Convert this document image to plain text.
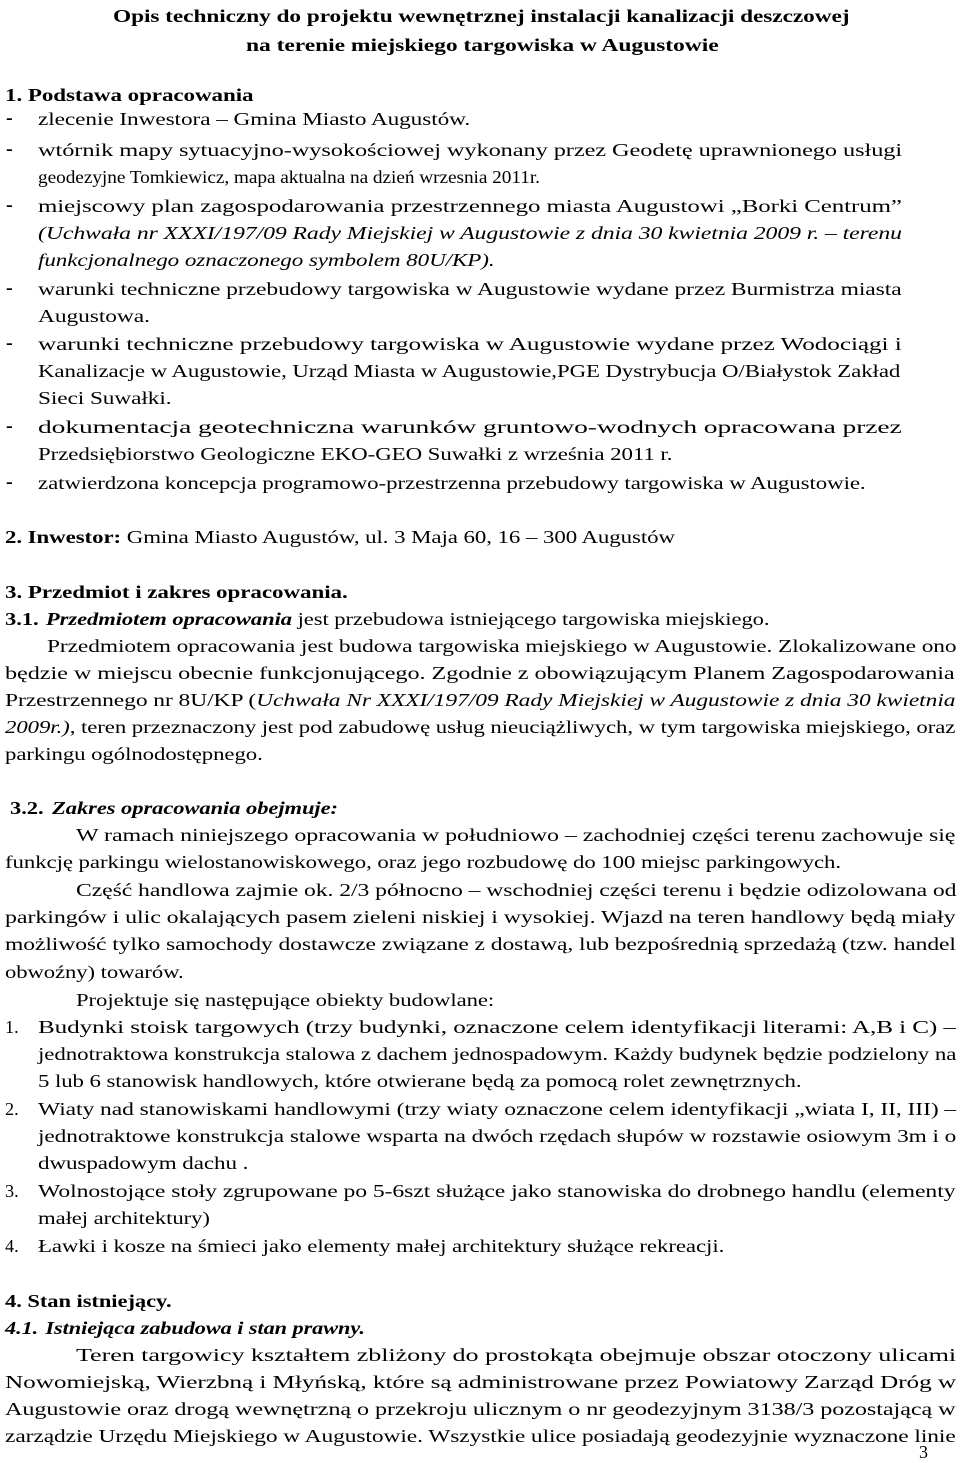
Opis techniczny do projektu wewnętrznej instalacji kanalizacji deszczowej
na terenie miejskiego targowiska w Augustowie
1. Podstawa opracowania
- zlecenie Inwestora – Gmina Miasto Augustów.
- wtórnik mapy sytuacyjno-wysokościowej wykonany przez Geodetę uprawnionego usługi
geodezyjne Tomkiewicz, mapa aktualna na dzień wrzesnia 2011r.
- miejscowy plan zagospodarowania przestrzennego miasta Augustowi „Borki Centrum”
(Uchwała nr XXXI/197/09 Rady Miejskiej w Augustowie z dnia 30 kwietnia 2009 r. – terenu
funkcjonalnego oznaczonego symbolem 80U/KP).
- warunki techniczne przebudowy targowiska w Augustowie wydane przez Burmistrza miasta
Augustowa.
- warunki techniczne przebudowy targowiska w Augustowie wydane przez Wodociągi i
Kanalizacje w Augustowie, Urząd Miasta w Augustowie,PGE Dystrybucja O/Białystok Zakład
Sieci Suwałki.
- dokumentacja geotechniczna warunków gruntowo-wodnych opracowana przez
Przedsiębiorstwo Geologiczne EKO-GEO Suwałki z września 2011 r.
- zatwierdzona koncepcja programowo-przestrzenna przebudowy targowiska w Augustowie.
2. Inwestor: Gmina Miasto Augustów, ul. 3 Maja 60, 16 – 300 Augustów
3. Przedmiot i zakres opracowania.
3.1. Przedmiotem opracowania jest przebudowa istniejącego targowiska miejskiego.
Przedmiotem opracowania jest budowa targowiska miejskiego w Augustowie. Zlokalizowane ono
będzie w miejscu obecnie funkcjonującego. Zgodnie z obowiązującym Planem Zagospodarowania
Przestrzennego nr 8U/KP (Uchwała Nr XXXI/197/09 Rady Miejskiej w Augustowie z dnia 30 kwietnia
2009r.), teren przeznaczony jest pod zabudowę usług nieuciążliwych, w tym targowiska miejskiego, oraz
parkingu ogólnodostępnego.
3.2. Zakres opracowania obejmuje:
W ramach niniejszego opracowania w południowo – zachodniej części terenu zachowuje się
funkcję parkingu wielostanowiskowego, oraz jego rozbudowę do 100 miejsc parkingowych.
Część handlowa zajmie ok. 2/3 północno – wschodniej części terenu i będzie odizolowana od
parkingów i ulic okalających pasem zieleni niskiej i wysokiej. Wjazd na teren handlowy będą miały
możliwość tylko samochody dostawcze związane z dostawą, lub bezpośrednią sprzedażą (tzw. handel
obwoźny) towarów.
Projektuje się następujące obiekty budowlane:
1. Budynki stoisk targowych (trzy budynki, oznaczone celem identyfikacji literami: A,B i C) –
jednotraktowa konstrukcja stalowa z dachem jednospadowym. Każdy budynek będzie podzielony na
5 lub 6 stanowisk handlowych, które otwierane będą za pomocą rolet zewnętrznych.
2. Wiaty nad stanowiskami handlowymi (trzy wiaty oznaczone celem identyfikacji „wiata I, II, III) –
jednotraktowe konstrukcja stalowe wsparta na dwóch rzędach słupów w rozstawie osiowym 3m i o
dwuspadowym dachu .
3. Wolnostojące stoły zgrupowane po 5-6szt służące jako stanowiska do drobnego handlu (elementy
małej architektury)
4. Ławki i kosze na śmieci jako elementy małej architektury służące rekreacji.
4. Stan istniejący.
4.1. Istniejąca zabudowa i stan prawny.
Teren targowicy kształtem zbliżony do prostokąta obejmuje obszar otoczony ulicami
Nowomiejską, Wierzbną i Młyńską, które są administrowane przez Powiatowy Zarząd Dróg w
Augustowie oraz drogą wewnętrzną o przekroju ulicznym o nr geodezyjnym 3138/3 pozostającą w
zarządzie Urzędu Miejskiego w Augustowie. Wszystkie ulice posiadają geodezyjnie wyznaczone linie
3
